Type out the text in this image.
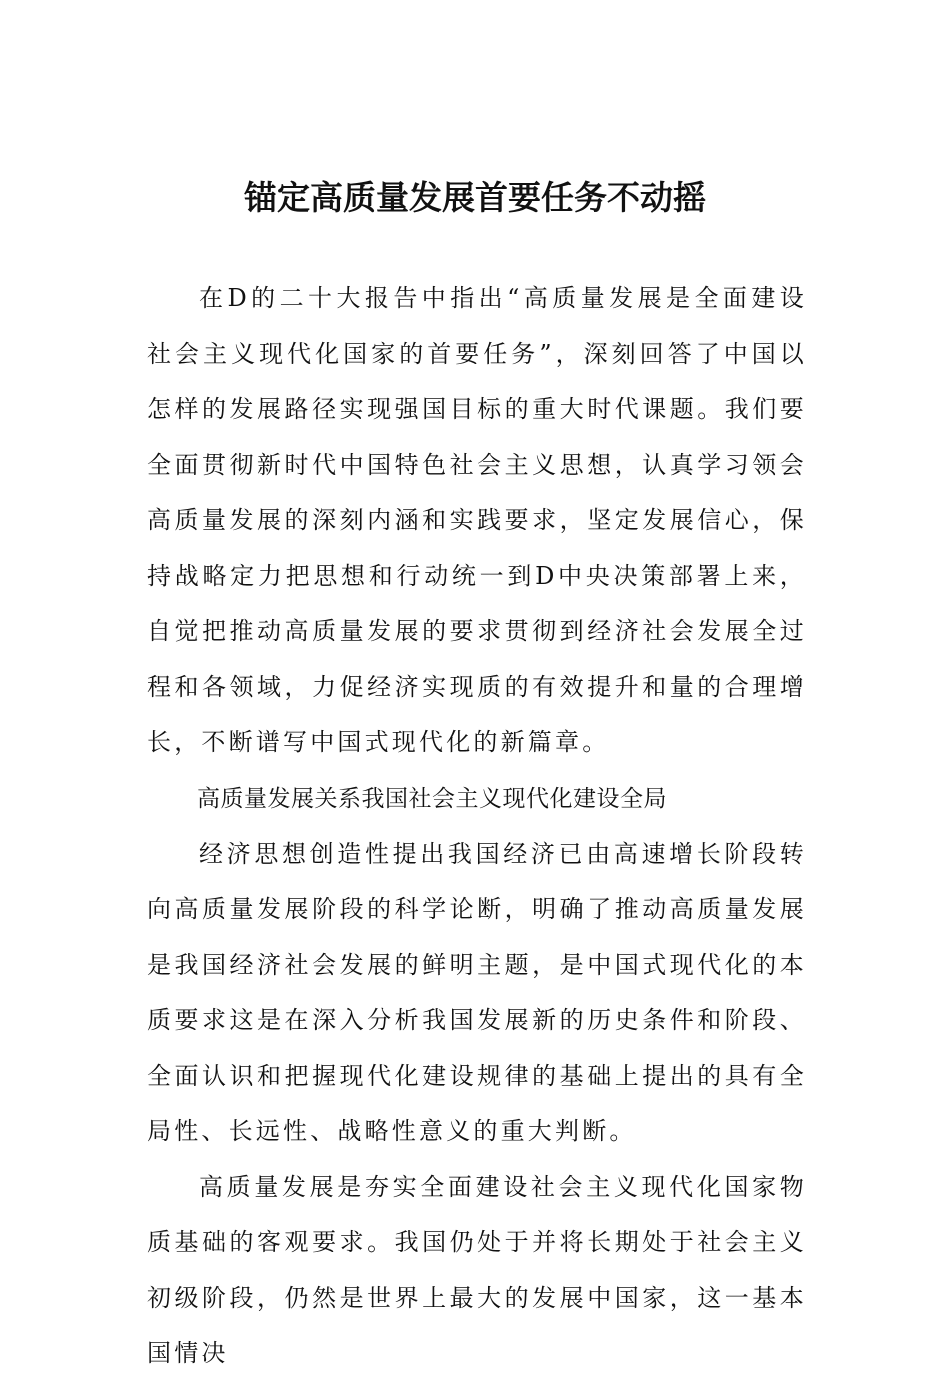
锚定高质量发展首要任务不动摇

在D的二十大报告中指出“高质量发展是全面建设社会主义现代化国家的首要任务”，深刻回答了中国以怎样的发展路径实现强国目标的重大时代课题。我们要全面贯彻新时代中国特色社会主义思想，认真学习领会高质量发展的深刻内涵和实践要求，坚定发展信心，保持战略定力把思想和行动统一到D中央决策部署上来，自觉把推动高质量发展的要求贯彻到经济社会发展全过程和各领域，力促经济实现质的有效提升和量的合理增长，不断谱写中国式现代化的新篇章。

高质量发展关系我国社会主义现代化建设全局

经济思想创造性提出我国经济已由高速增长阶段转向高质量发展阶段的科学论断，明确了推动高质量发展是我国经济社会发展的鲜明主题，是中国式现代化的本质要求这是在深入分析我国发展新的历史条件和阶段、全面认识和把握现代化建设规律的基础上提出的具有全局性、长远性、战略性意义的重大判断。

高质量发展是夯实全面建设社会主义现代化国家物质基础的客观要求。我国仍处于并将长期处于社会主义初级阶段，仍然是世界上最大的发展中国家，这一基本国情决
